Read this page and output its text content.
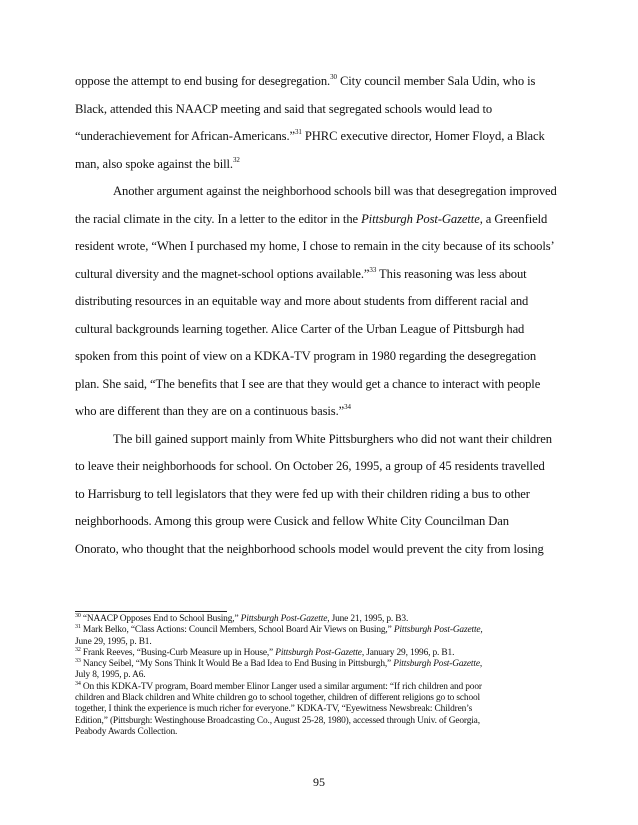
oppose the attempt to end busing for desegregation.$^{30}$ City council member Sala Udin, who is
Black, attended this NAACP meeting and said that segregated schools would lead to
“underachievement for African-Americans.”$^{31}$ PHRC executive director, Homer Floyd, a Black
man, also spoke against the bill.$^{32}$
Another argument against the neighborhood schools bill was that desegregation improved
the racial climate in the city. In a letter to the editor in the Pittsburgh Post-Gazette, a Greenfield
resident wrote, “When I purchased my home, I chose to remain in the city because of its schools’
cultural diversity and the magnet-school options available.”$^{33}$ This reasoning was less about
distributing resources in an equitable way and more about students from different racial and
cultural backgrounds learning together. Alice Carter of the Urban League of Pittsburgh had
spoken from this point of view on a KDKA-TV program in 1980 regarding the desegregation
plan. She said, “The benefits that I see are that they would get a chance to interact with people
who are different than they are on a continuous basis.”$^{34}$
The bill gained support mainly from White Pittsburghers who did not want their children
to leave their neighborhoods for school. On October 26, 1995, a group of 45 residents travelled
to Harrisburg to tell legislators that they were fed up with their children riding a bus to other
neighborhoods. Among this group were Cusick and fellow White City Councilman Dan
Onorato, who thought that the neighborhood schools model would prevent the city from losing
$^{30}$ “NAACP Opposes End to School Busing,” Pittsburgh Post-Gazette, June 21, 1995, p. B3.
$^{31}$ Mark Belko, “Class Actions: Council Members, School Board Air Views on Busing,” Pittsburgh Post-Gazette,
June 29, 1995, p. B1.
$^{32}$ Frank Reeves, “Busing-Curb Measure up in House,” Pittsburgh Post-Gazette, January 29, 1996, p. B1.
$^{33}$ Nancy Seibel, “My Sons Think It Would Be a Bad Idea to End Busing in Pittsburgh,” Pittsburgh Post-Gazette,
July 8, 1995, p. A6.
$^{34}$ On this KDKA-TV program, Board member Elinor Langer used a similar argument: “If rich children and poor
children and Black children and White children go to school together, children of different religions go to school
together, I think the experience is much richer for everyone.” KDKA-TV, “Eyewitness Newsbreak: Children’s
Edition,” (Pittsburgh: Westinghouse Broadcasting Co., August 25-28, 1980), accessed through Univ. of Georgia,
Peabody Awards Collection.
95
